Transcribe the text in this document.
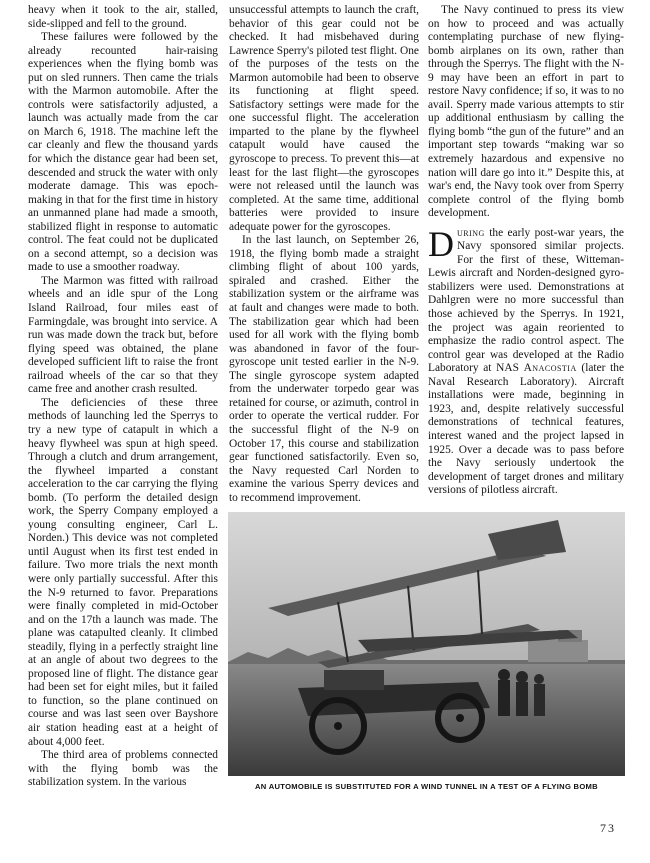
heavy when it took to the air, stalled, side-slipped and fell to the ground.

These failures were followed by the already recounted hair-raising experiences when the flying bomb was put on sled runners. Then came the trials with the Marmon automobile. After the controls were satisfactorily adjusted, a launch was actually made from the car on March 6, 1918. The machine left the car cleanly and flew the thousand yards for which the distance gear had been set, descended and struck the water with only moderate damage. This was epoch-making in that for the first time in history an unmanned plane had made a smooth, stabilized flight in response to automatic control. The feat could not be duplicated on a second attempt, so a decision was made to use a smoother roadway.

The Marmon was fitted with railroad wheels and an idle spur of the Long Island Railroad, four miles east of Farmingdale, was brought into service. A run was made down the track but, before flying speed was obtained, the plane developed sufficient lift to raise the front railroad wheels of the car so that they came free and another crash resulted.

The deficiencies of these three methods of launching led the Sperrys to try a new type of catapult in which a heavy flywheel was spun at high speed. Through a clutch and drum arrangement, the flywheel imparted a constant acceleration to the car carrying the flying bomb. (To perform the detailed design work, the Sperry Company employed a young consulting engineer, Carl L. Norden.) This device was not completed until August when its first test ended in failure. Two more trials the next month were only partially successful. After this the N-9 returned to favor. Preparations were finally completed in mid-October and on the 17th a launch was made. The plane was catapulted cleanly. It climbed steadily, flying in a perfectly straight line at an angle of about two degrees to the proposed line of flight. The distance gear had been set for eight miles, but it failed to function, so the plane continued on course and was last seen over Bayshore air station heading east at a height of about 4,000 feet.

The third area of problems connected with the flying bomb was the stabilization system. In the various

unsuccessful attempts to launch the craft, behavior of this gear could not be checked. It had misbehaved during Lawrence Sperry's piloted test flight. One of the purposes of the tests on the Marmon automobile had been to observe its functioning at flight speed. Satisfactory settings were made for the one successful flight. The acceleration imparted to the plane by the flywheel catapult would have caused the gyroscope to precess. To prevent this—at least for the last flight—the gyroscopes were not released until the launch was completed. At the same time, additional batteries were provided to insure adequate power for the gyroscopes.

In the last launch, on September 26, 1918, the flying bomb made a straight climbing flight of about 100 yards, spiraled and crashed. Either the stabilization system or the airframe was at fault and changes were made to both. The stabilization gear which had been used for all work with the flying bomb was abandoned in favor of the four-gyroscope unit tested earlier in the N-9. The single gyroscope system adapted from the underwater torpedo gear was retained for course, or azimuth, control in order to operate the vertical rudder. For the successful flight of the N-9 on October 17, this course and stabilization gear functioned satisfactorily. Even so, the Navy requested Carl Norden to examine the various Sperry devices and to recommend improvement.

The Navy continued to press its view on how to proceed and was actually contemplating purchase of new flying-bomb airplanes on its own, rather than through the Sperrys. The flight with the N-9 may have been an effort in part to restore Navy confidence; if so, it was to no avail. Sperry made various attempts to stir up additional enthusiasm by calling the flying bomb “the gun of the future” and an important step towards “making war so extremely hazardous and expensive no nation will dare go into it.” Despite this, at war's end, the Navy took over from Sperry complete control of the flying bomb development.

During the early post-war years, the Navy sponsored similar projects. For the first of these, Witteman-Lewis aircraft and Norden-designed gyro-stabilizers were used. Demonstrations at Dahlgren were no more successful than those achieved by the Sperrys. In 1921, the project was again reoriented to emphasize the radio control aspect. The control gear was developed at the Radio Laboratory at NAS Anacostia (later the Naval Research Laboratory). Aircraft installations were made, beginning in 1923, and, despite relatively successful demonstrations of technical features, interest waned and the project lapsed in 1925. Over a decade was to pass before the Navy seriously undertook the development of target drones and military versions of pilotless aircraft.

AN AUTOMOBILE IS SUBSTITUTED FOR A WIND TUNNEL IN A TEST OF A FLYING BOMB
73
